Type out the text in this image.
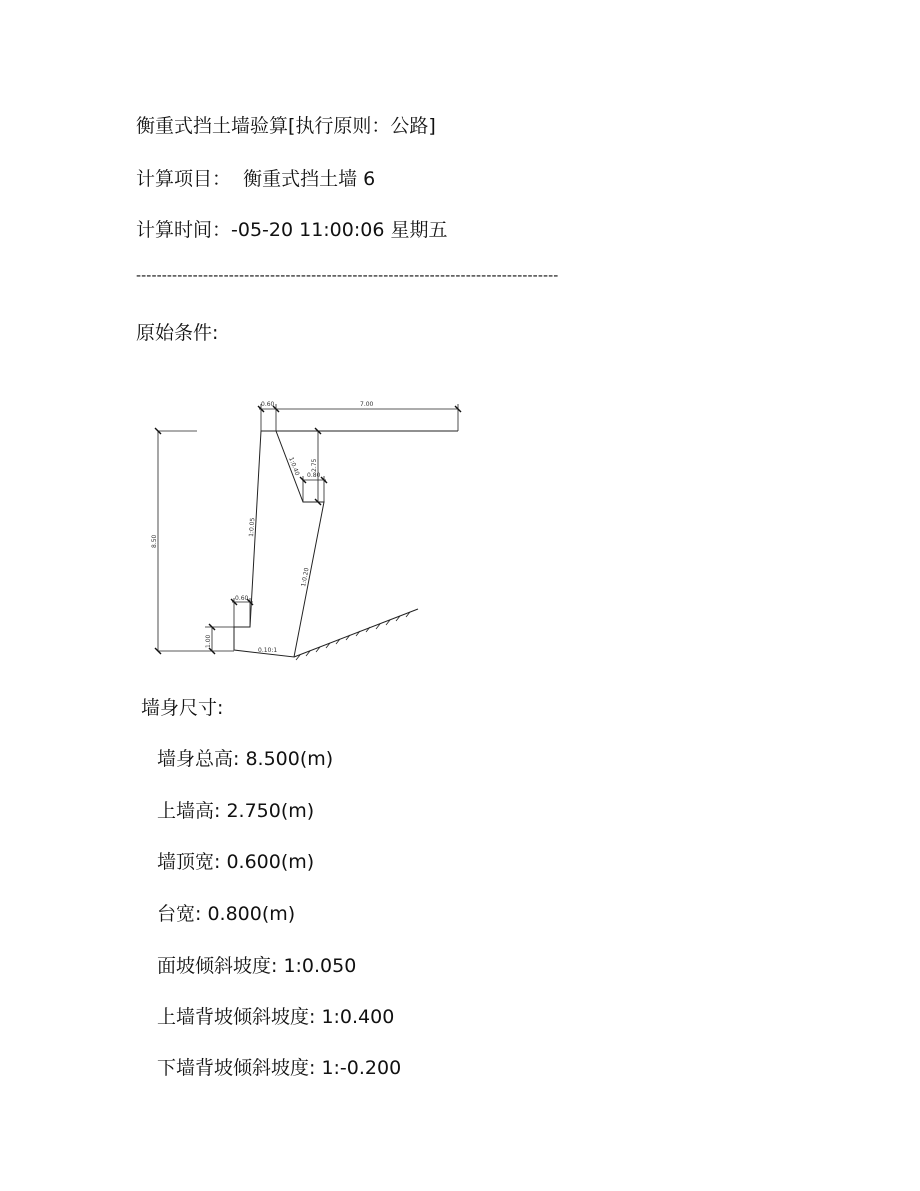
衡重式挡土墙验算[执行原则：公路]
计算项目：  衡重式挡土墙 6
计算时间：-05-20 11:00:06 星期五
----------------------------------------------------------------------------------
原始条件:
0.60	7.00
8.50
2.75
0.80
1:0.40
1:0.05
1:0.20
0.60
1.00
0.10:1
墙身尺寸:
墙身总高: 8.500(m)
上墙高: 2.750(m)
墙顶宽: 0.600(m)
台宽: 0.800(m)
面坡倾斜坡度: 1:0.050
上墙背坡倾斜坡度: 1:0.400
下墙背坡倾斜坡度: 1:-0.200
